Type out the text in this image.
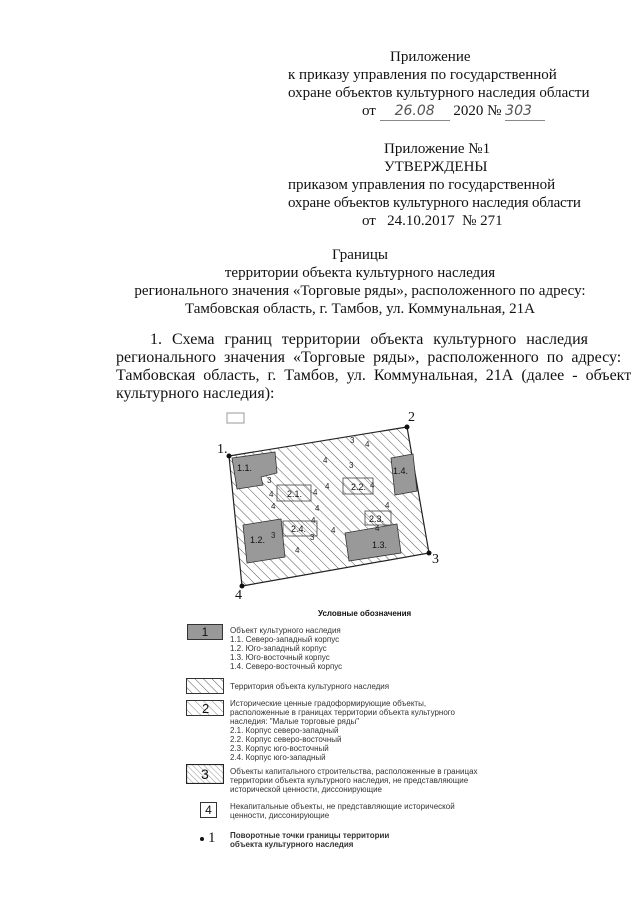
Приложение
к приказу управления по государственной
охране объектов культурного наследия области
от 26.08 2020 № 303
Приложение №1
УТВЕРЖДЕНЫ
приказом управления по государственной
охране объектов культурного наследия области
от   24.10.2017  № 271
Границы
территории объекта культурного наследия
регионального значения «Торговые ряды», расположенного по адресу:
Тамбовская область, г. Тамбов, ул. Коммунальная, 21А
1.  Схема  границ  территории  объекта  культурного  наследия
регионального  значения  «Торговые  ряды»,  расположенного  по  адресу:
Тамбовская  область,  г.  Тамбов,  ул.  Коммунальная,  21А  (далее  -  объект
культурного наследия):
1.
2
3
4
1.1.
1.2.	1.3.
1.4.
2.1.
2.2.
2.3.
2.4.
3
3
3
3
3
4
4
4
4
4
4
4
4
4
4
4
4
4
Условные обозначения
1	Объект культурного наследия
1.1. Северо-западный корпус
1.2. Юго-западный корпус
1.3. Юго-восточный корпус
1.4. Северо-восточный корпус
Территория объекта культурного наследия
2	Исторические ценные градоформирующие объекты,
расположенные в границах территории объекта культурного
наследия: "Малые торговые ряды"
2.1. Корпус северо-западный
2.2. Корпус северо-восточный
2.3. Корпус юго-восточный
2.4. Корпус юго-западный
3	Объекты капитального строительства, расположенные в границах
территории объекта культурного наследия, не представляющие
исторической ценности, диссонирующие
4 Некапитальные объекты, не представляющие исторической
ценности, диссонирующие
1 Поворотные точки границы территории
объекта культурного наследия
